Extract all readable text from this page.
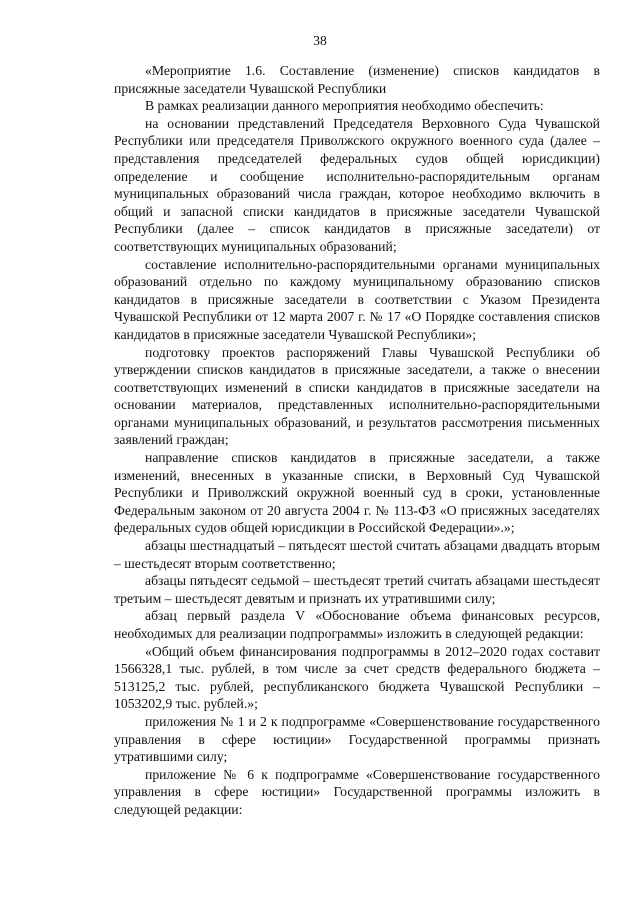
38

«Мероприятие 1.6. Составление (изменение) списков кандидатов в присяжные заседатели Чувашской Республики

В рамках реализации данного мероприятия необходимо обеспечить:

на основании представлений Председателя Верховного Суда Чувашской Республики или председателя Приволжского окружного военного суда (далее – представления председателей федеральных судов общей юрисдикции) определение и сообщение исполнительно-распорядительным органам муниципальных образований числа граждан, которое необходимо включить в общий и запасной списки кандидатов в присяжные заседатели Чувашской Республики (далее – список кандидатов в присяжные заседатели) от соответствующих муниципальных образований;

составление исполнительно-распорядительными органами муниципальных образований отдельно по каждому муниципальному образованию списков кандидатов в присяжные заседатели в соответствии с Указом Президента Чувашской Республики от 12 марта 2007 г. № 17 «О Порядке составления списков кандидатов в присяжные заседатели Чувашской Республики»;

подготовку проектов распоряжений Главы Чувашской Республики об утверждении списков кандидатов в присяжные заседатели, а также о внесении соответствующих изменений в списки кандидатов в присяжные заседатели на основании материалов, представленных исполнительно-распорядительными органами муниципальных образований, и результатов рассмотрения письменных заявлений граждан;

направление списков кандидатов в присяжные заседатели, а также изменений, внесенных в указанные списки, в Верховный Суд Чувашской Республики и Приволжский окружной военный суд в сроки, установленные Федеральным законом от 20 августа 2004 г. № 113-ФЗ «О присяжных заседателях федеральных судов общей юрисдикции в Российской Федерации».»;

абзацы шестнадцатый – пятьдесят шестой считать абзацами двадцать вторым – шестьдесят вторым соответственно;

абзацы пятьдесят седьмой – шестьдесят третий считать абзацами шестьдесят третьим – шестьдесят девятым и признать их утратившими силу;

абзац первый раздела V «Обоснование объема финансовых ресурсов, необходимых для реализации подпрограммы» изложить в следующей редакции:

«Общий объем финансирования подпрограммы в 2012–2020 годах составит 1566328,1 тыс. рублей, в том числе за счет средств федерального бюджета – 513125,2 тыс. рублей, республиканского бюджета Чувашской Республики – 1053202,9 тыс. рублей.»;

приложения № 1 и 2 к подпрограмме «Совершенствование государственного управления в сфере юстиции» Государственной программы признать утратившими силу;

приложение № 6 к подпрограмме «Совершенствование государственного управления в сфере юстиции» Государственной программы изложить в следующей редакции:
